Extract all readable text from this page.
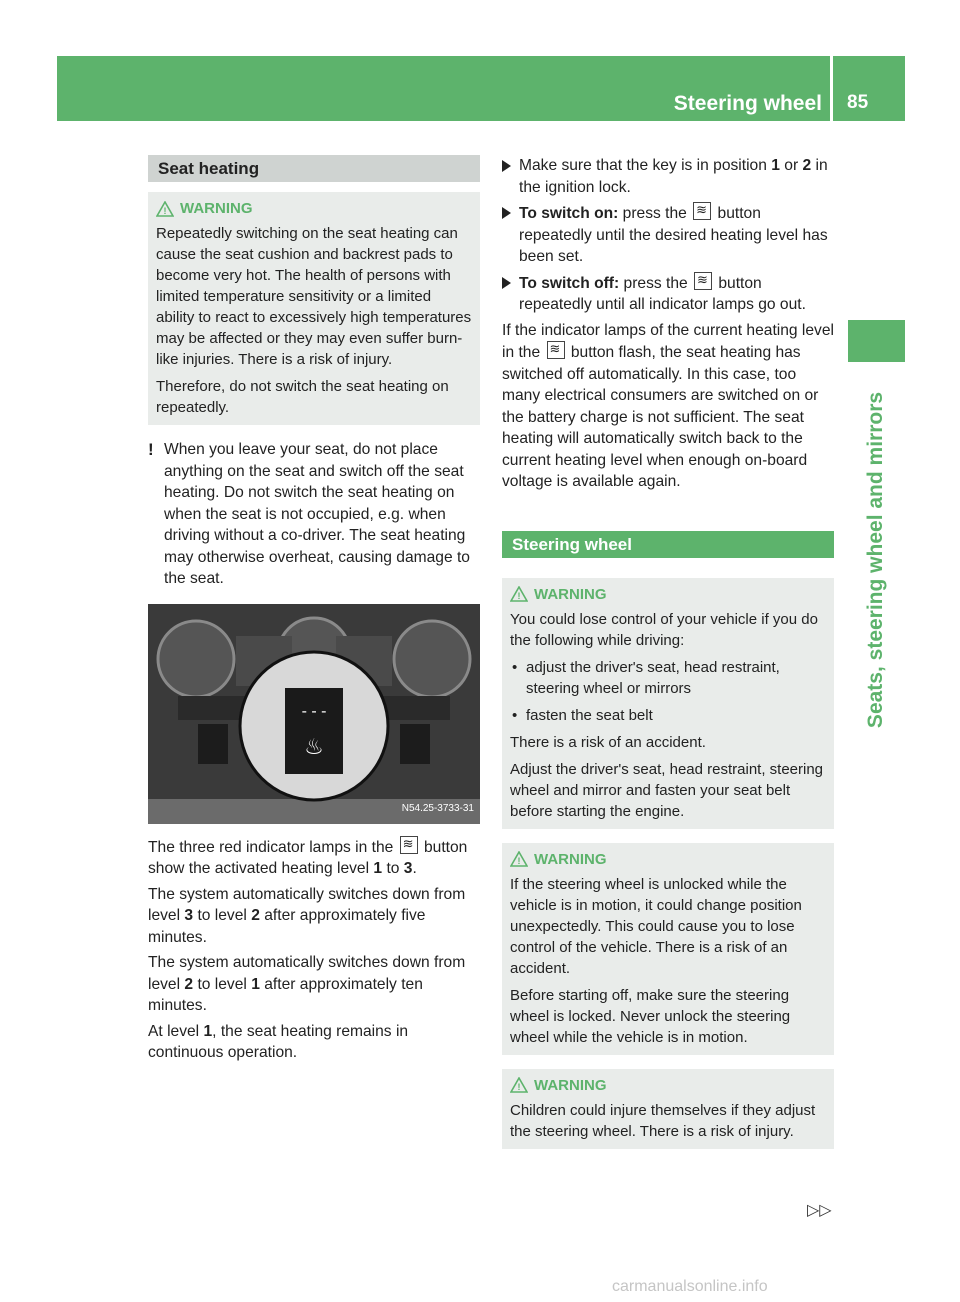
Steering wheel 85
Seats, steering wheel and mirrors
Seat heating
! WARNING

Repeatedly switching on the seat heating can cause the seat cushion and backrest pads to become very hot. The health of persons with limited temperature sensitivity or a limited ability to react to excessively high temperatures may be affected or they may even suffer burn-like injuries. There is a risk of injury.

Therefore, do not switch the seat heating on repeatedly.

! When you leave your seat, do not place anything on the seat and switch off the seat heating. Do not switch the seat heating on when the seat is not occupied, e.g. when driving without a co-driver. The seat heating may otherwise overheat, causing damage to the seat.
- - -
♨
N54.25-3733-31

The three red indicator lamps in the ≋ button show the activated heating level 1 to 3.

The system automatically switches down from level 3 to level 2 after approximately five minutes.

The system automatically switches down from level 2 to level 1 after approximately ten minutes.

At level 1, the seat heating remains in continuous operation.

Make sure that the key is in position 1 or 2 in the ignition lock.
To switch on: press the ≋ button repeatedly until the desired heating level has been set.
To switch off: press the ≋ button repeatedly until all indicator lamps go out.

If the indicator lamps of the current heating level in the ≋ button flash, the seat heating has switched off automatically. In this case, too many electrical consumers are switched on or the battery charge is not sufficient. The seat heating will automatically switch back to the current heating level when enough on-board voltage is available again.

Steering wheel
! WARNING

You could lose control of your vehicle if you do the following while driving:

• adjust the driver's seat, head restraint, steering wheel or mirrors

• fasten the seat belt

There is a risk of an accident.

Adjust the driver's seat, head restraint, steering wheel and mirror and fasten your seat belt before starting the engine.

! WARNING

If the steering wheel is unlocked while the vehicle is in motion, it could change position unexpectedly. This could cause you to lose control of the vehicle. There is a risk of an accident.

Before starting off, make sure the steering wheel is locked. Never unlock the steering wheel while the vehicle is in motion.

! WARNING

Children could injure themselves if they adjust the steering wheel. There is a risk of injury.

▷▷
carmanualsonline.info
